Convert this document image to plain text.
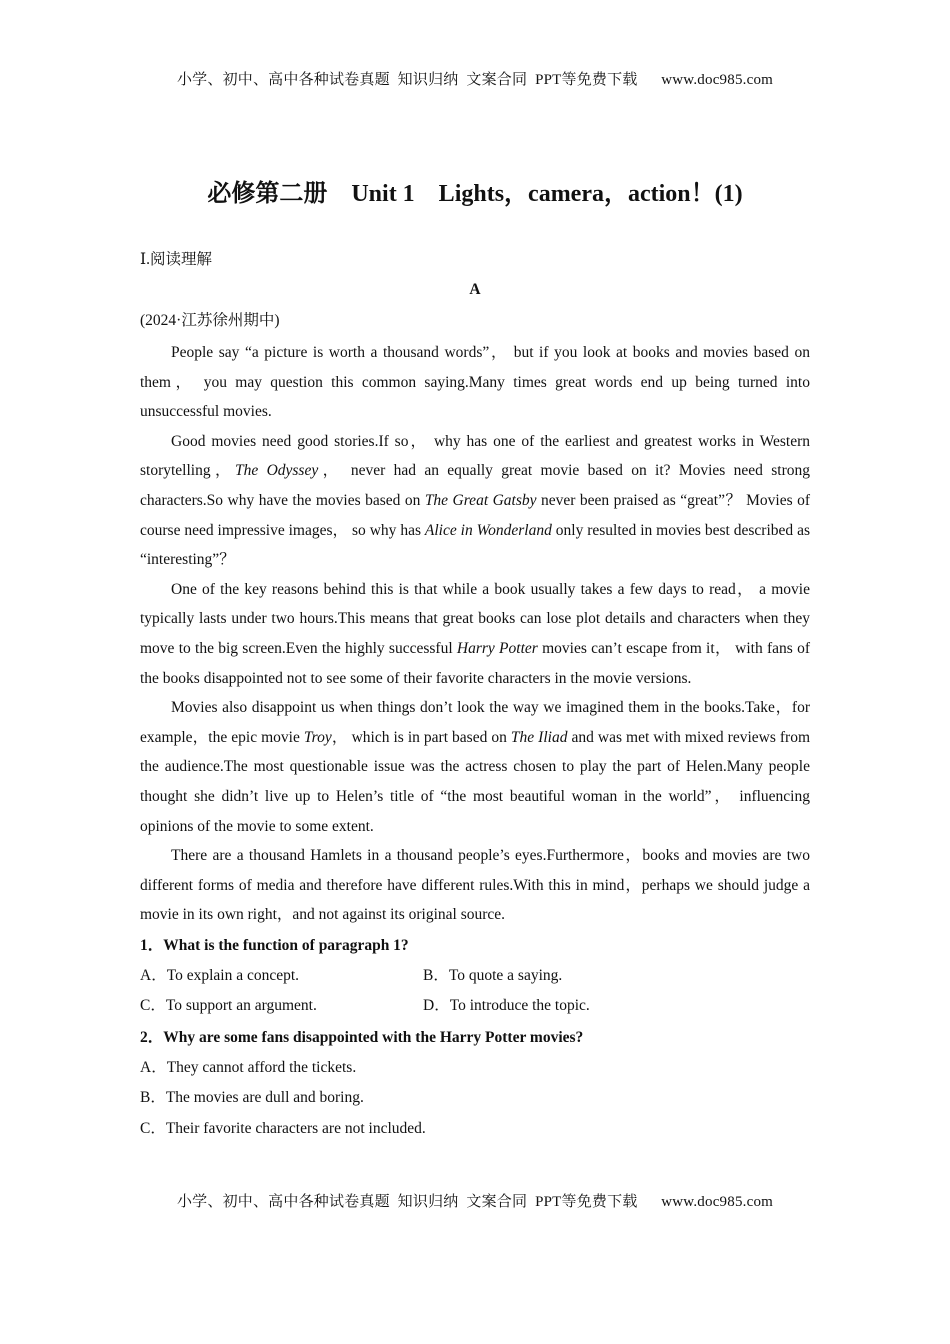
小学、初中、高中各种试卷真题  知识归纳  文案合同  PPT等免费下载      www.doc985.com
必修第二册　Unit 1　Lights，camera，action！(1)
Ⅰ.阅读理解
A
(2024·江苏徐州期中)

People say “a picture is worth a thousand words”， but if you look at books and movies based on them， you may question this common saying.Many times great words end up being turned into unsuccessful movies.

Good movies need good stories.If so， why has one of the earliest and greatest works in Western storytelling，The Odyssey， never had an equally great movie based on it? Movies need strong characters.So why have the movies based on The Great Gatsby never been praised as “great”？ Movies of course need impressive images， so why has Alice in Wonderland only resulted in movies best described as “interesting”？

One of the key reasons behind this is that while a book usually takes a few days to read， a movie typically lasts under two hours.This means that great books can lose plot details and characters when they move to the big screen.Even the highly successful Harry Potter movies can’t escape from it， with fans of the books disappointed not to see some of their favorite characters in the movie versions.

Movies also disappoint us when things don’t look the way we imagined them in the books.Take，for example，the epic movie Troy， which is in part based on The Iliad and was met with mixed reviews from the audience.The most questionable issue was the actress chosen to play the part of Helen.Many people thought she didn’t live up to Helen’s title of “the most beautiful woman in the world”， influencing opinions of the movie to some extent.

There are a thousand Hamlets in a thousand people’s eyes.Furthermore，books and movies are two different forms of media and therefore have different rules.With this in mind，perhaps we should judge a movie in its own right，and not against its original source.

1．What is the function of paragraph 1?

A．To explain a concept.	B．To quote a saying.
C．To support an argument.	D．To introduce the topic.

2．Why are some fans disappointed with the Harry Potter movies?

A．They cannot afford the tickets.
B．The movies are dull and boring.
C．Their favorite characters are not included.
小学、初中、高中各种试卷真题  知识归纳  文案合同  PPT等免费下载      www.doc985.com
